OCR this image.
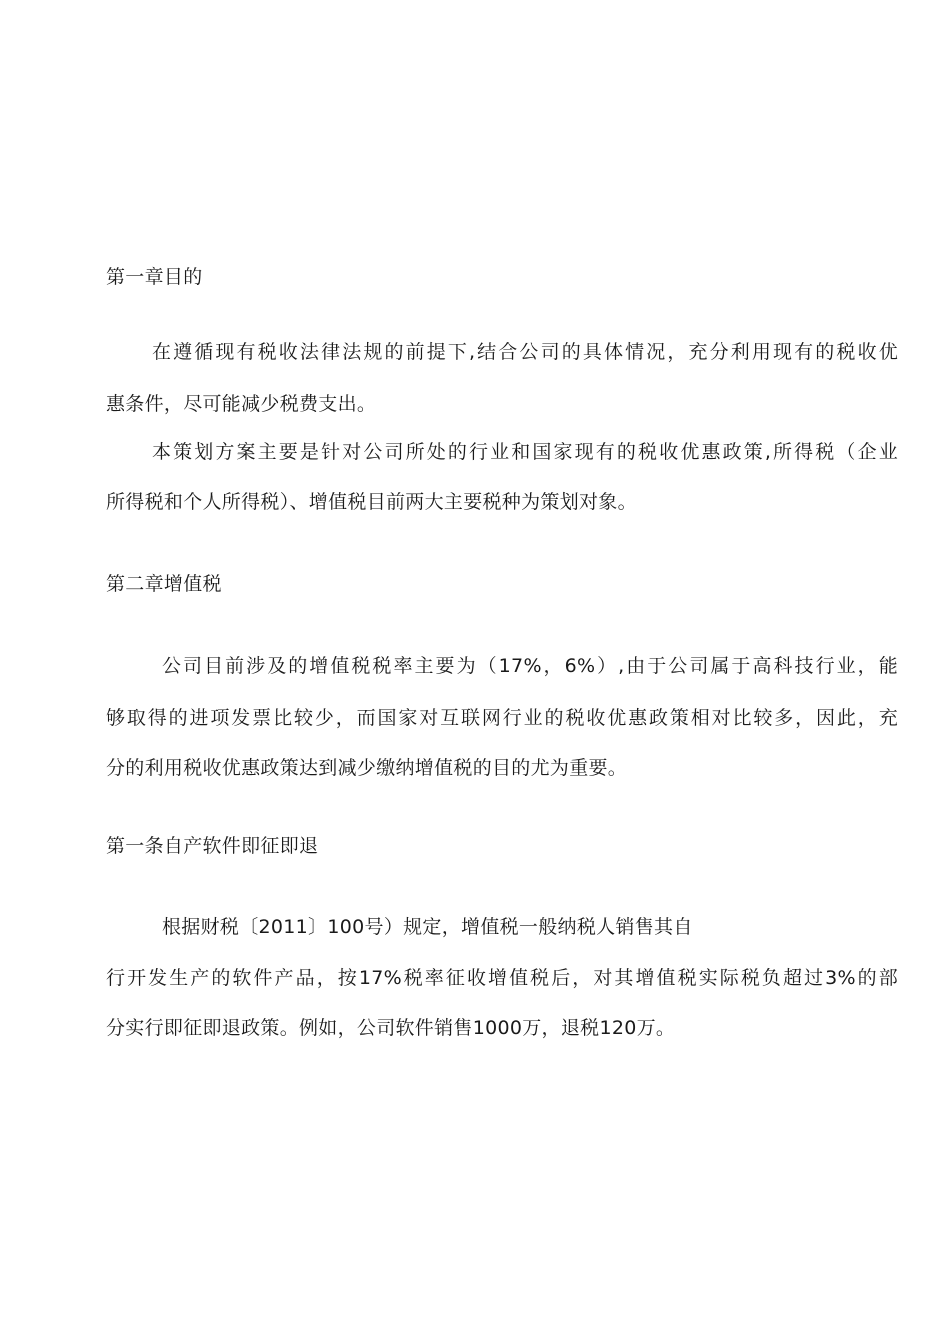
第一章目的
在遵循现有税收法律法规的前提下,结合公司的具体情况，充分利用现有的税收优
惠条件，尽可能减少税费支出。
本策划方案主要是针对公司所处的行业和国家现有的税收优惠政策,所得税（企业
所得税和个人所得税）、增值税目前两大主要税种为策划对象。
第二章增值税
公司目前涉及的增值税税率主要为（17%，6%）,由于公司属于高科技行业，能
够取得的进项发票比较少，而国家对互联网行业的税收优惠政策相对比较多，因此，充
分的利用税收优惠政策达到减少缴纳增值税的目的尤为重要。
第一条自产软件即征即退
根据财税〔2011〕100号）规定，增值税一般纳税人销售其自
行开发生产的软件产品，按17%税率征收增值税后，对其增值税实际税负超过3%的部
分实行即征即退政策。例如，公司软件销售1000万，退税120万。
